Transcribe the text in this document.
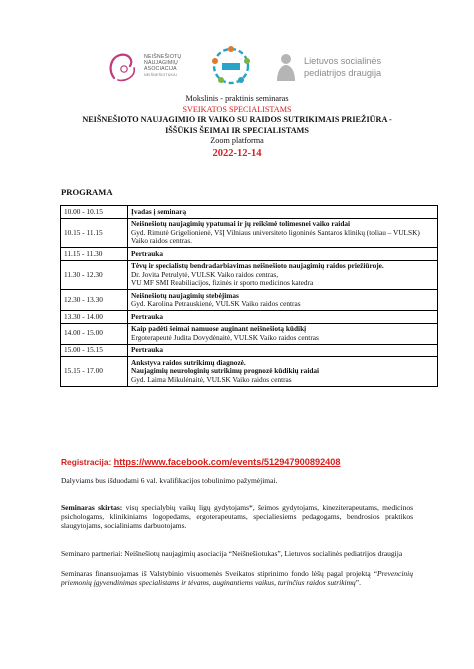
NEIŠNEŠIOTŲ
NAUJAGIMIŲ
ASOCIACIJA
NEIŠNEŠIOTUKAI
Lietuvos socialinės
pediatrijos draugija
Mokslinis - praktinis seminaras
SVEIKATOS SPECIALISTAMS
NEIŠNEŠIOTO NAUJAGIMIO IR VAIKO SU RAIDOS SUTRIKIMAIS PRIEŽIŪRA -
IŠŠŪKIS ŠEIMAI IR SPECIALISTAMS
Zoom platforma
2022-12-14
PROGRAMA
10.00 - 10.15	Įvadas į seminarą
10.15 - 11.15	Neišnešiotų naujagimių ypatumai ir jų reikšmė tolimesnei vaiko raidai
Gyd. Rimutė Grigelionienė, VšĮ Vilniaus universiteto ligoninės Santaros klinikų (toliau – VULSK) Vaiko raidos centras.

11.15 - 11.30	Pertrauka
11.30 - 12.30	Tėvų ir specialistų bendradarbiavimas neišnešioto naujagimių raidos priežiūroje.
Dr. Jovita Petrulytė, VULSK Vaiko raidos centras,
VU MF SMI Reabiliacijos, fizinės ir sporto medicinos katedra

12.30 - 13.30	Neišnešiotų naujagimių stebėjimas
Gyd. Karolina Petrauskienė, VULSK Vaiko raidos centras

13.30 - 14.00	Pertrauka
14.00 - 15.00	Kaip padėti šeimai namuose auginant neišnešiotą kūdikį
Ergoterapeutė Judita Dovydėnaitė, VULSK Vaiko raidos centras

15.00 - 15.15	Pertrauka
15.15 - 17.00	Ankstyva raidos sutrikimų diagnozė.
Naujagimių neurologinių sutrikimų prognozė kūdikių raidai
Gyd. Laima Mikulėnaitė, VULSK Vaiko raidos centras
Registracija: https://www.facebook.com/events/512947900892408
Dalyviams bus išduodami 6 val. kvalifikacijos tobulinimo pažymėjimai.
Seminaras skirtas: visų specialybių vaikų ligų gydytojams*, šeimos gydytojams, kineziterapeutams, medicinos psichologams, klinikiniams logopedams, ergoterapeutams, specialiesiems pedagogams, bendrosios praktikos slaugytojams, socialiniams darbuotojams.
Seminaro partneriai: Neišnešiotų naujagimių asociacija “Neišnešiotukas”, Lietuvos socialinės pediatrijos draugija
Seminaras finansuojamas iš Valstybinio visuomenės Sveikatos stiprinimo fondo lėšų pagal projektą “Prevencinių priemonių įgyvendinimas specialistams ir tėvams, auginantiems vaikus, turinčius raidos sutrikimų”.
